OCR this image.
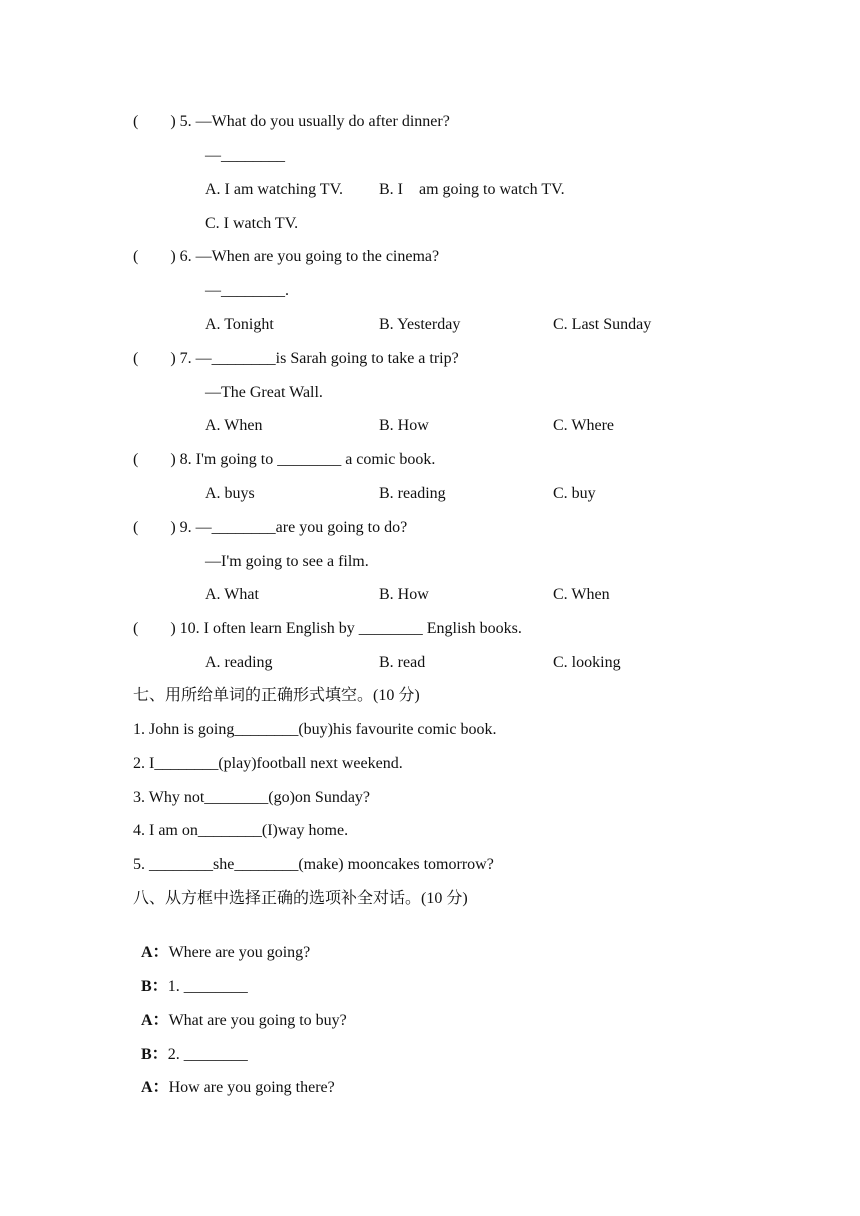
(        ) 5. —What do you usually do after dinner?
—________
A. I am watching TV. B. I    am going to watch TV.
C. I watch TV.
(        ) 6. —When are you going to the cinema?
—________.
A. Tonight	B. Yesterday	C. Last Sunday
(        ) 7. —________is Sarah going to take a trip?
—The Great Wall.
A. When	B. How	C. Where
(        ) 8. I'm going to ________ a comic book.
A. buys	B. reading	C. buy
(        ) 9. —________are you going to do?
—I'm going to see a film.
A. What	B. How	C. When
(        ) 10. I often learn English by ________ English books.
A. reading	B. read	C. looking
七、用所给单词的正确形式填空。(10 分)
1. John is going________(buy)his favourite comic book.
2. I________(play)football next weekend.
3. Why not________(go)on Sunday?
4. I am on________(I)way home.
5. ________she________(make) mooncakes tomorrow?
八、从方框中选择正确的选项补全对话。(10 分)

A：Where are you going?

B：1. ________

A：What are you going to buy?

B：2. ________

A：How are you going there?
